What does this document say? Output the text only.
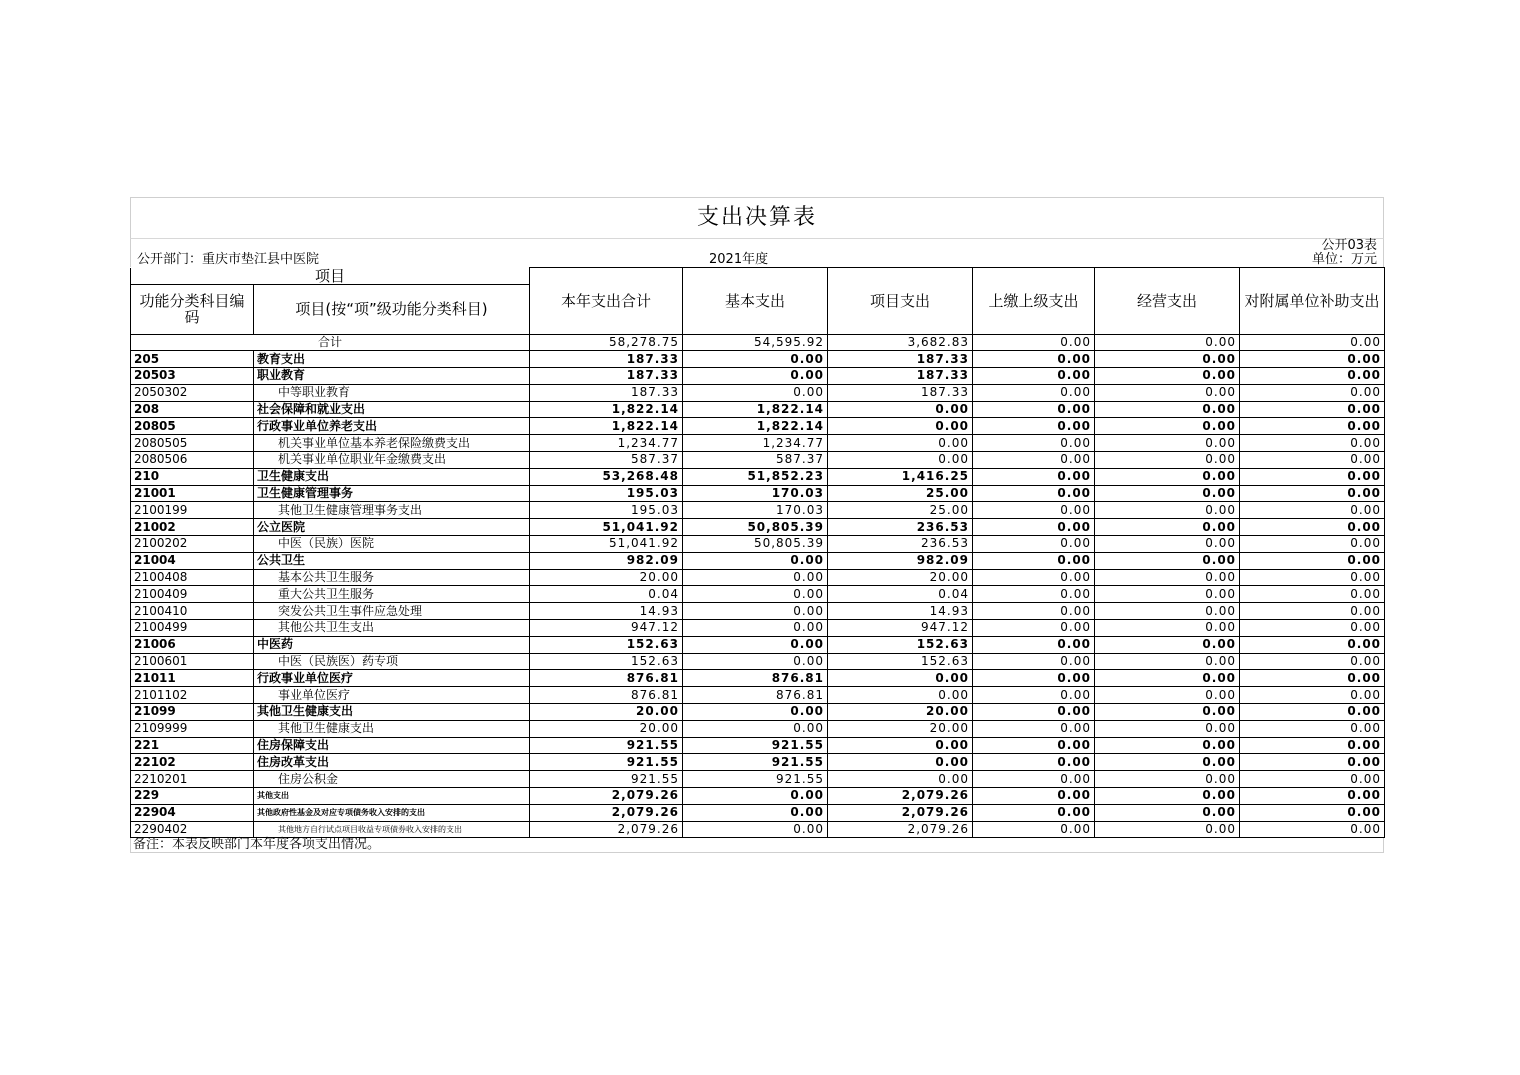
支出决算表
公开03表
公开部门：重庆市垫江县中医院	2021年度	单位：万元
项目		本年支出合计	基本支出	项目支出	上缴上级支出	经营支出	对附属单位补助支出
功能分类科目编码	项目(按“项”级功能分类科目)						
合计		58,278.75	54,595.92	3,682.83	0.00	0.00	0.00
205	教育支出	187.33	0.00	187.33	0.00	0.00	0.00
20503	职业教育	187.33	0.00	187.33	0.00	0.00	0.00
2050302	中等职业教育	187.33	0.00	187.33	0.00	0.00	0.00
208	社会保障和就业支出	1,822.14	1,822.14	0.00	0.00	0.00	0.00
20805	行政事业单位养老支出	1,822.14	1,822.14	0.00	0.00	0.00	0.00
2080505	机关事业单位基本养老保险缴费支出	1,234.77	1,234.77	0.00	0.00	0.00	0.00
2080506	机关事业单位职业年金缴费支出	587.37	587.37	0.00	0.00	0.00	0.00
210	卫生健康支出	53,268.48	51,852.23	1,416.25	0.00	0.00	0.00
21001	卫生健康管理事务	195.03	170.03	25.00	0.00	0.00	0.00
2100199	其他卫生健康管理事务支出	195.03	170.03	25.00	0.00	0.00	0.00
21002	公立医院	51,041.92	50,805.39	236.53	0.00	0.00	0.00
2100202	中医（民族）医院	51,041.92	50,805.39	236.53	0.00	0.00	0.00
21004	公共卫生	982.09	0.00	982.09	0.00	0.00	0.00
2100408	基本公共卫生服务	20.00	0.00	20.00	0.00	0.00	0.00
2100409	重大公共卫生服务	0.04	0.00	0.04	0.00	0.00	0.00
2100410	突发公共卫生事件应急处理	14.93	0.00	14.93	0.00	0.00	0.00
2100499	其他公共卫生支出	947.12	0.00	947.12	0.00	0.00	0.00
21006	中医药	152.63	0.00	152.63	0.00	0.00	0.00
2100601	中医（民族医）药专项	152.63	0.00	152.63	0.00	0.00	0.00
21011	行政事业单位医疗	876.81	876.81	0.00	0.00	0.00	0.00
2101102	事业单位医疗	876.81	876.81	0.00	0.00	0.00	0.00
21099	其他卫生健康支出	20.00	0.00	20.00	0.00	0.00	0.00
2109999	其他卫生健康支出	20.00	0.00	20.00	0.00	0.00	0.00
221	住房保障支出	921.55	921.55	0.00	0.00	0.00	0.00
22102	住房改革支出	921.55	921.55	0.00	0.00	0.00	0.00
2210201	住房公积金	921.55	921.55	0.00	0.00	0.00	0.00
229	其他支出	2,079.26	0.00	2,079.26	0.00	0.00	0.00
22904	其他政府性基金及对应专项债务收入安排的支出	2,079.26	0.00	2,079.26	0.00	0.00	0.00
2290402	其他地方自行试点项目收益专项债券收入安排的支出	2,079.26	0.00	2,079.26	0.00	0.00	0.00
备注：本表反映部门本年度各项支出情况。
